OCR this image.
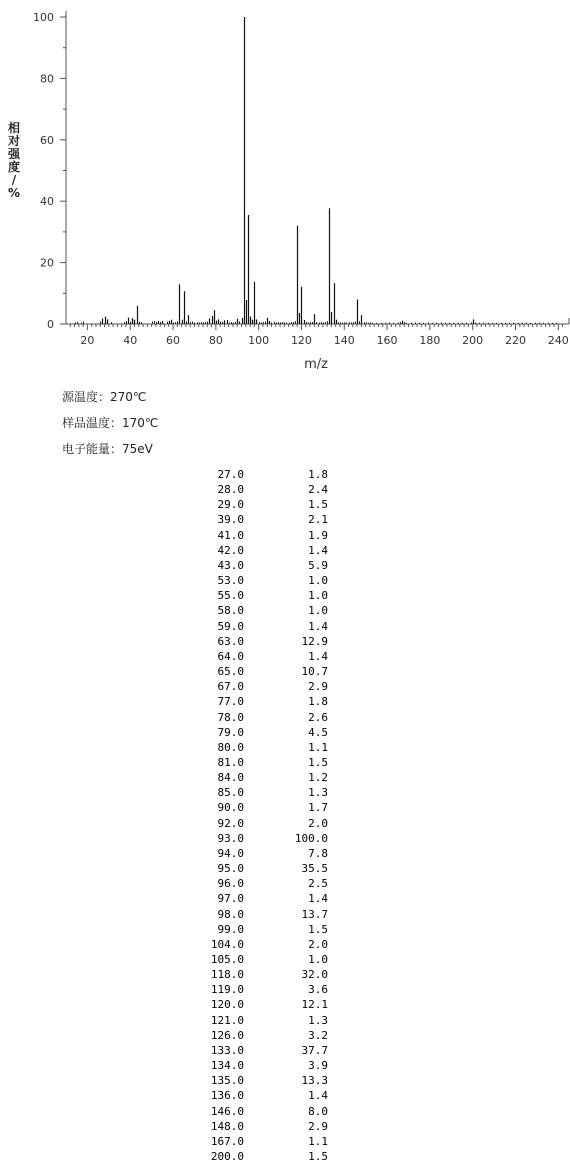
0
20
40
60
80
100
20	40	60	80 100 120 140 160 180 200 220 240
m/z
相
对
强
度
/
%
源温度：270℃
样品温度：170℃
电子能量：75eV
27.0	1.8
28.0	2.4
29.0	1.5
39.0	2.1
41.0	1.9
42.0	1.4
43.0	5.9
53.0	1.0
55.0	1.0
58.0	1.0
59.0	1.4
63.0	12.9
64.0	1.4
65.0	10.7
67.0	2.9
77.0	1.8
78.0	2.6
79.0	4.5
80.0	1.1
81.0	1.5
84.0	1.2
85.0	1.3
90.0	1.7
92.0	2.0
93.0	100.0
94.0	7.8
95.0	35.5
96.0	2.5
97.0	1.4
98.0	13.7
99.0	1.5
104.0	2.0
105.0	1.0
118.0	32.0
119.0	3.6
120.0	12.1
121.0	1.3
126.0	3.2
133.0	37.7
134.0	3.9
135.0	13.3
136.0	1.4
146.0	8.0
148.0	2.9
167.0	1.1
200.0	1.5
